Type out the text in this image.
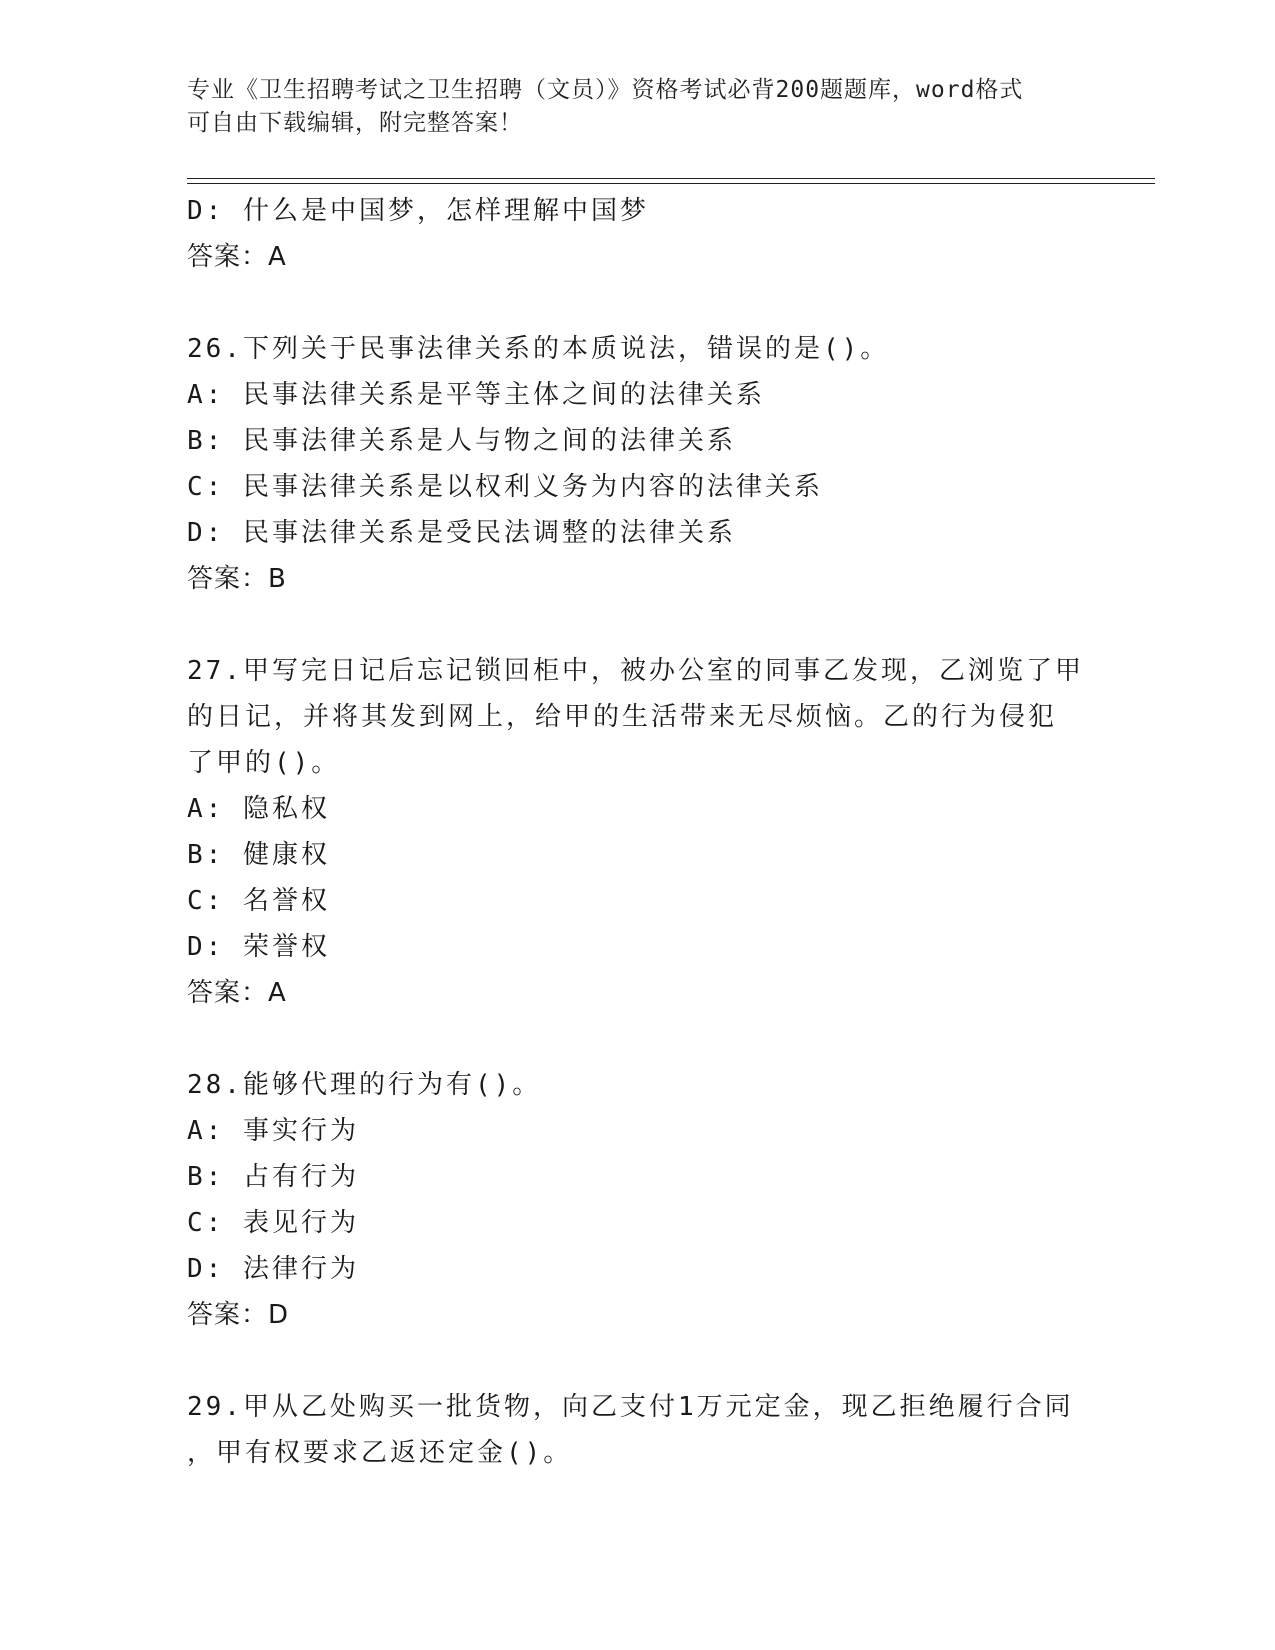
专业《卫生招聘考试之卫生招聘（文员）》资格考试必背200题题库，word格式
可自由下载编辑，附完整答案！
D: 什么是中国梦，怎样理解中国梦
答案：A
26.下列关于民事法律关系的本质说法，错误的是()。
A: 民事法律关系是平等主体之间的法律关系
B: 民事法律关系是人与物之间的法律关系
C: 民事法律关系是以权利义务为内容的法律关系
D: 民事法律关系是受民法调整的法律关系
答案：B
27.甲写完日记后忘记锁回柜中，被办公室的同事乙发现，乙浏览了甲
的日记，并将其发到网上，给甲的生活带来无尽烦恼。乙的行为侵犯
了甲的()。
A: 隐私权
B: 健康权
C: 名誉权
D: 荣誉权
答案：A
28.能够代理的行为有()。
A: 事实行为
B: 占有行为
C: 表见行为
D: 法律行为
答案：D
29.甲从乙处购买一批货物，向乙支付1万元定金，现乙拒绝履行合同
，甲有权要求乙返还定金()。
